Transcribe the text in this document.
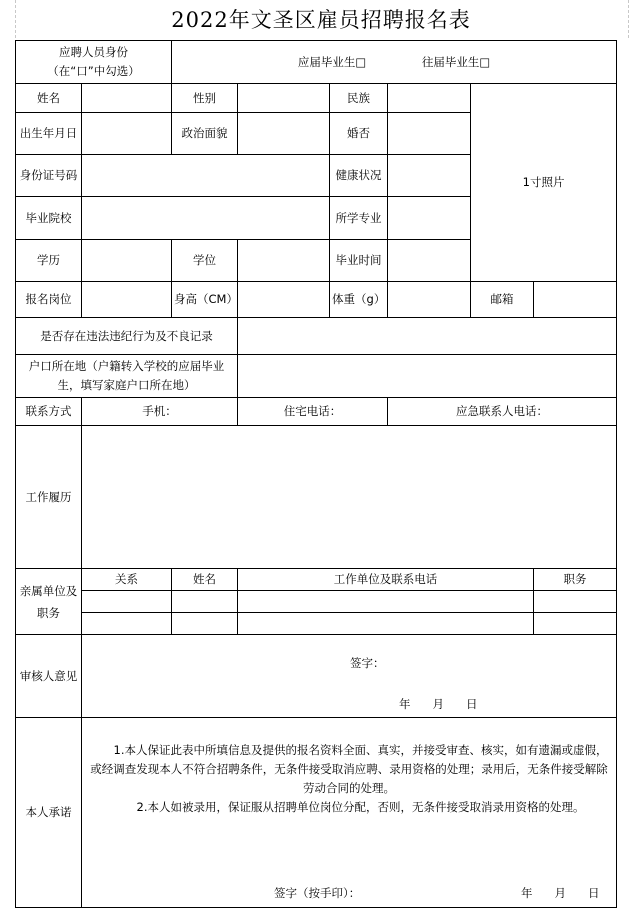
2022年文圣区雇员招聘报名表
应聘人员身份
（在“口”中勾选）		应届毕业生□ 往届毕业生□					
姓名		性别		民族		1寸照片	
出生年月日		政治面貌		婚否			
身份证号码				健康状况			
毕业院校				所学专业			
学历		学位		毕业时间			
报名岗位		身高（CM）		体重（g）		邮箱	
是否存在违法违纪行为及不良记录							
户口所在地（户籍转入学校的应届毕业生，填写家庭户口所在地）							
联系方式	手机：		住宅电话：		应急联系人电话：		
工作履历							
亲属单位及职务	关系	姓名	工作单位及联系电话				职务

审核人意见	签字：
年 月 日						

本人承诺	1.本人保证此表中所填信息及提供的报名资料全面、真实，并接受审查、核实，如有遗漏或虚假，或经调查发现本人不符合招聘条件，无条件接受取消应聘、录用资格的处理；录用后，无条件接受解除劳动合同的处理。

2.本人如被录用，保证服从招聘单位岗位分配，否则，无条件接受取消录用资格的处理。

签字（按手印）： 年 月 日						
